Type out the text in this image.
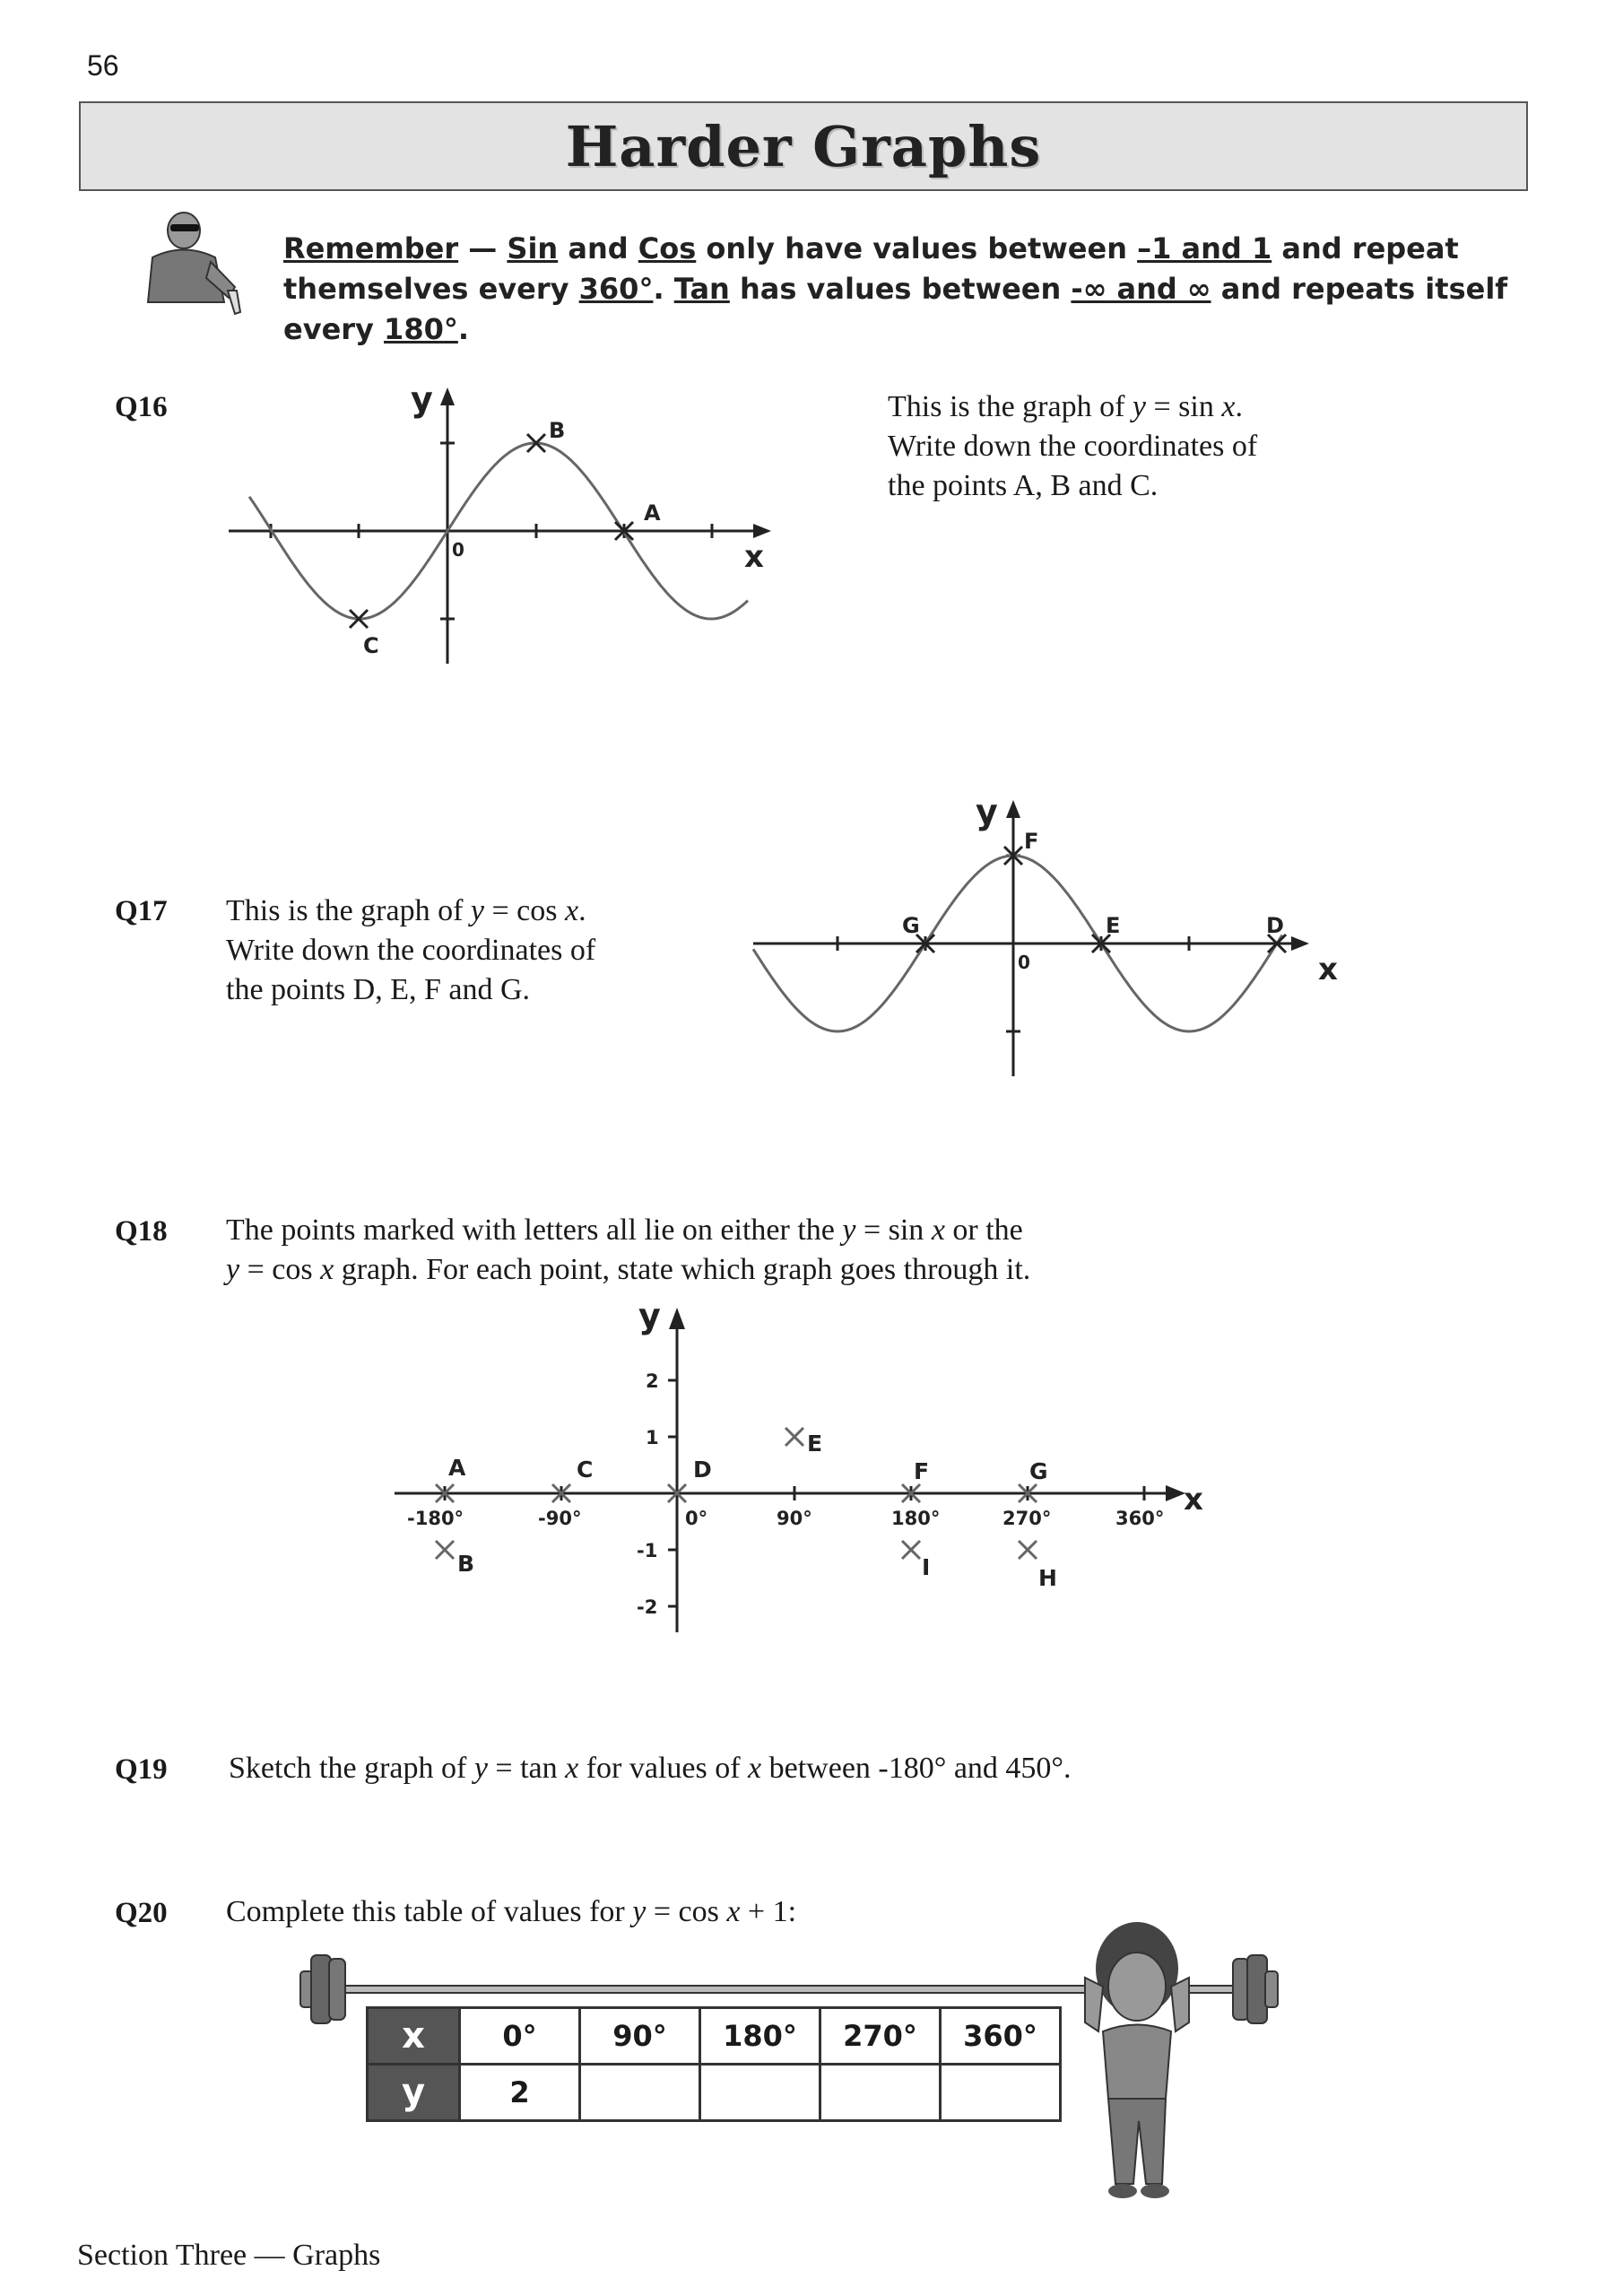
56
Harder Graphs
Remember — Sin and Cos only have values between –1 and 1 and repeat themselves every 360°. Tan has values between -∞ and ∞ and repeats itself every 180°.
Q16	This is the graph of y = sin x.
Write down the coordinates of
the points A, B and C.
y
x
0
B
A
C
Q17 This is the graph of y = cos x.
Write down the coordinates of
the points D, E, F and G.
y
x
0
F
G	E	D
Q18 The points marked with letters all lie on either the y = sin x or the
y = cos x graph. For each point, state which graph goes through it.
y
x
-180°	-90°	0°	90°	180°	270°	360°
2
1
-1
-2
A
B
C	D
E
F	G
H
I
Q19 Sketch the graph of y = tan x for values of x between -180° and 450°.
Q20 Complete this table of values for y = cos x + 1:
x	0°	90°	180°	270°	360°
y	2				
Section Three — Graphs
